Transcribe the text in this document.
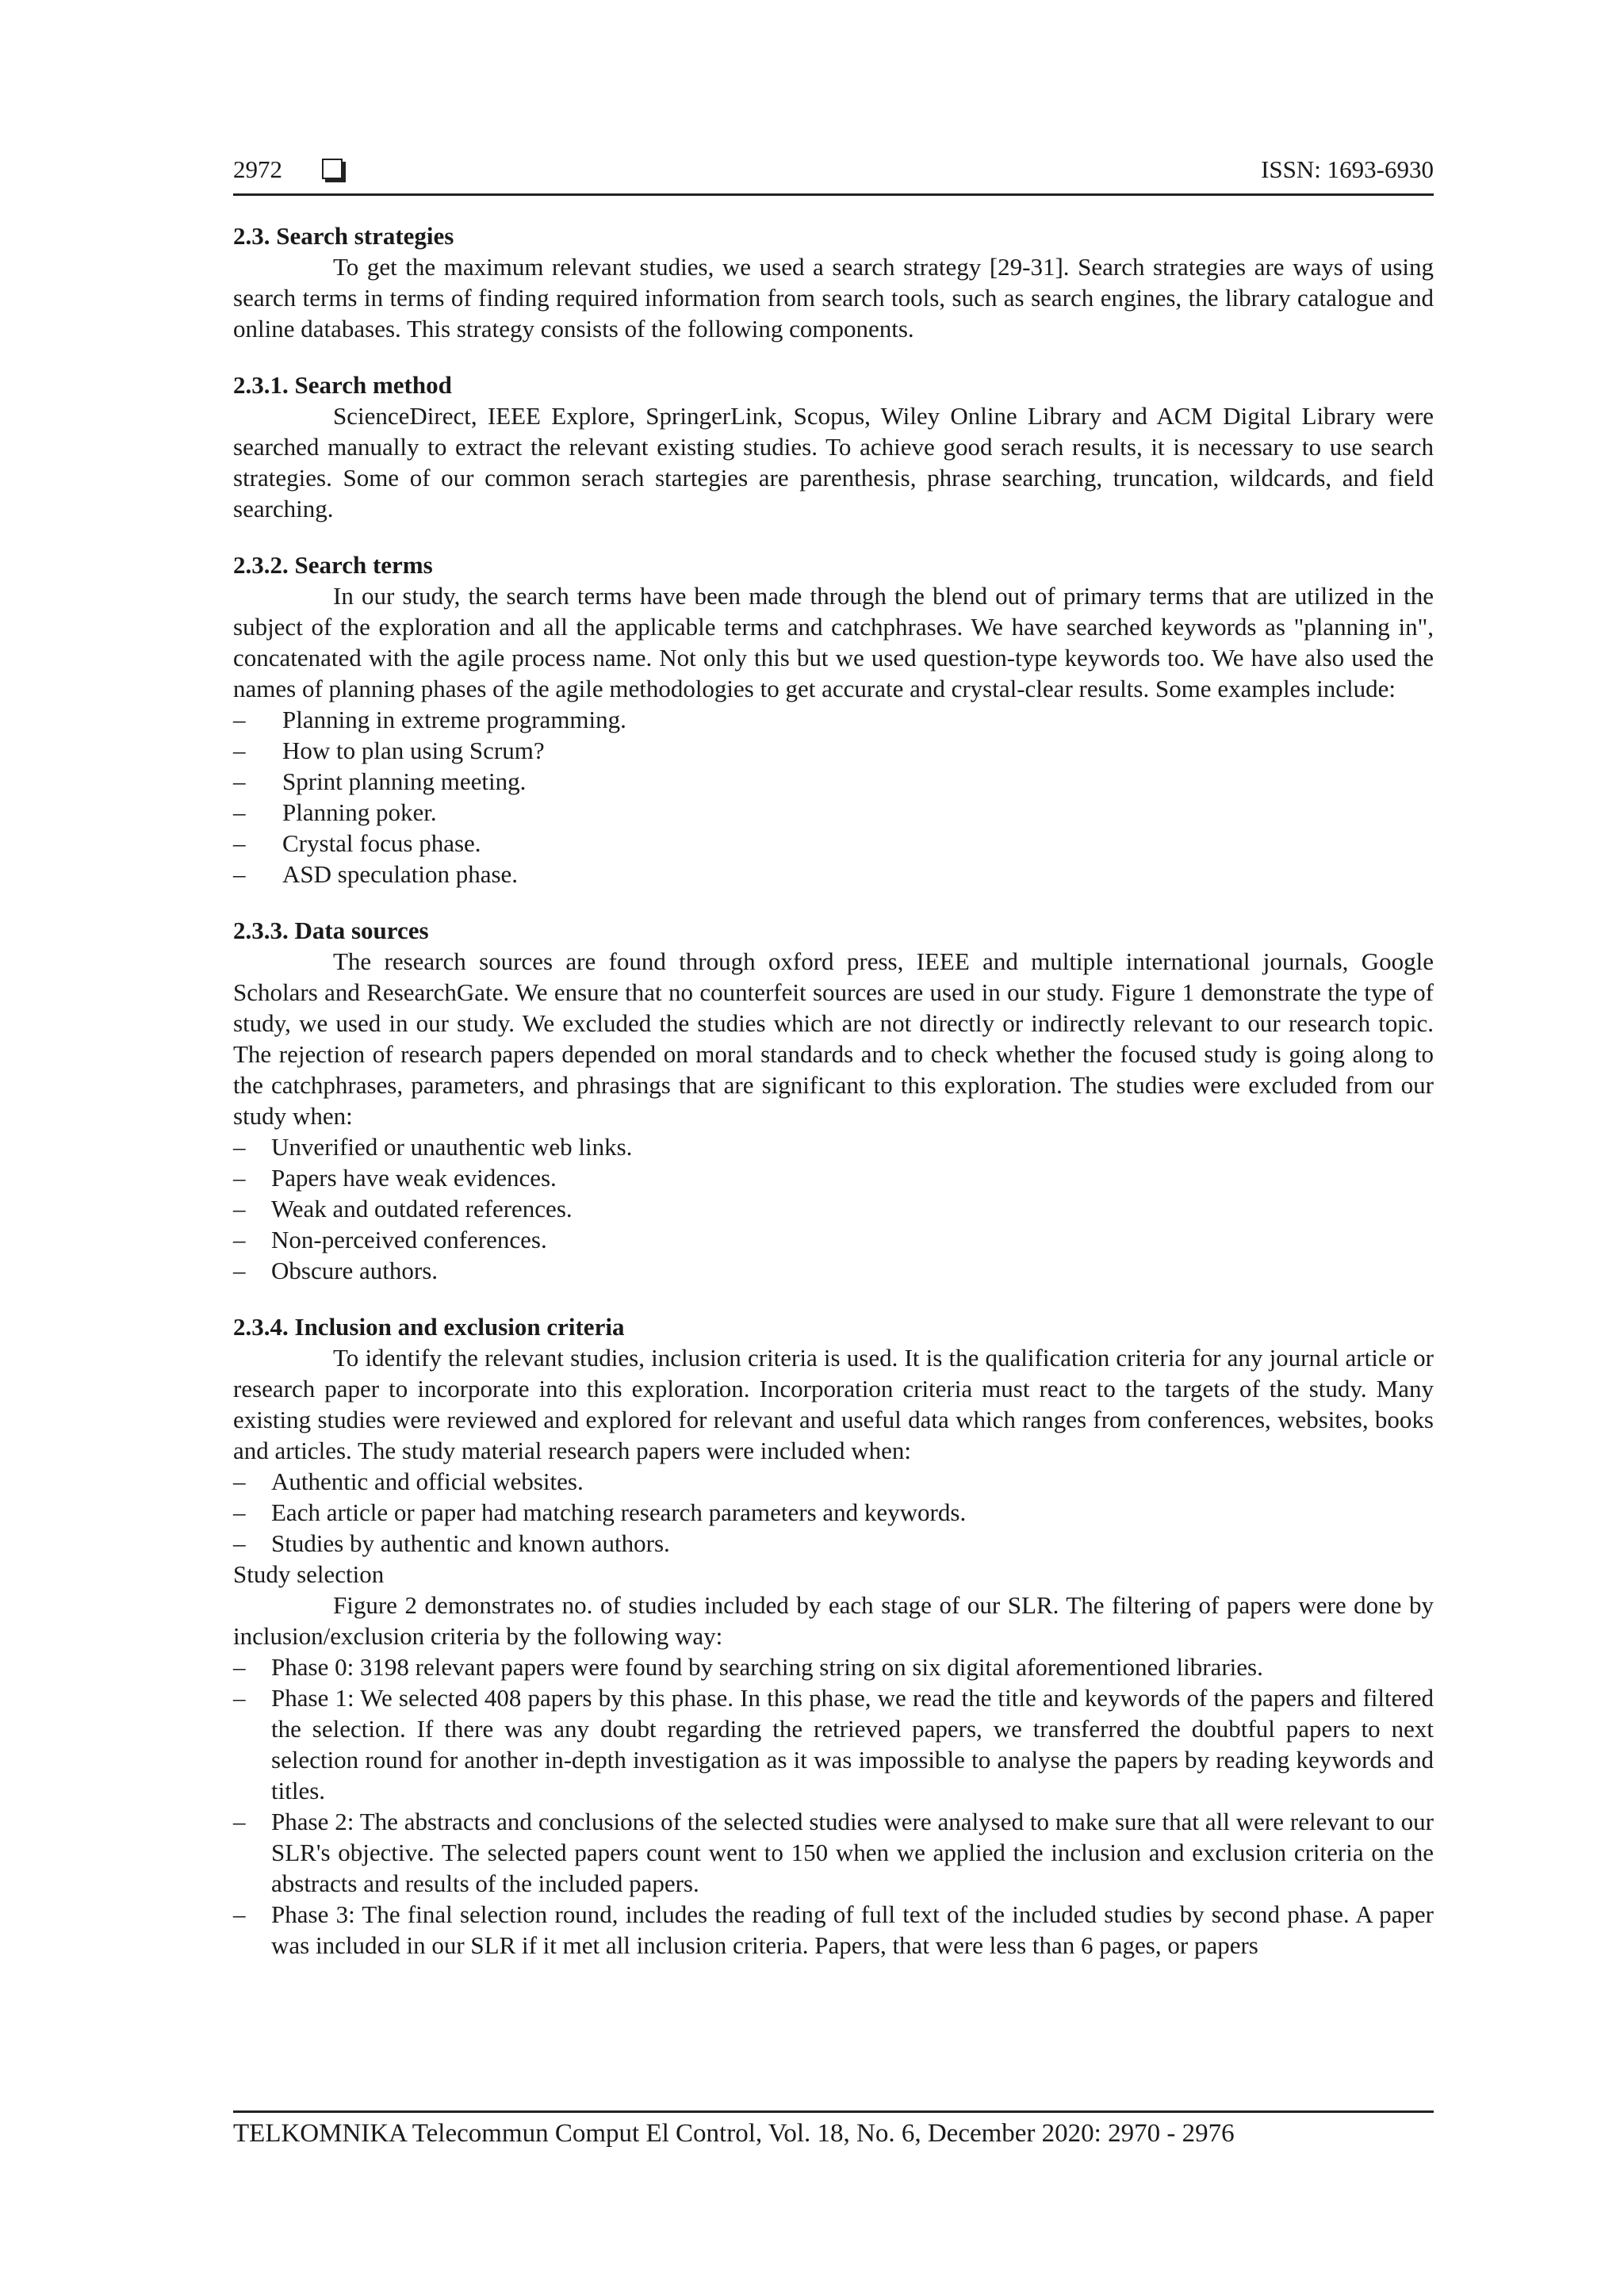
2972	ISSN: 1693-6930

2.3. Search strategies

To get the maximum relevant studies, we used a search strategy [29-31]. Search strategies are ways of using search terms in terms of finding required information from search tools, such as search engines, the library catalogue and online databases. This strategy consists of the following components.

2.3.1. Search method

ScienceDirect, IEEE Explore, SpringerLink, Scopus, Wiley Online Library and ACM Digital Library were searched manually to extract the relevant existing studies. To achieve good serach results, it is necessary to use search strategies. Some of our common serach startegies are parenthesis, phrase searching, truncation, wildcards, and field searching.

2.3.2. Search terms

In our study, the search terms have been made through the blend out of primary terms that are utilized in the subject of the exploration and all the applicable terms and catchphrases. We have searched keywords as "planning in", concatenated with the agile process name. Not only this but we used question-type keywords too. We have also used the names of planning phases of the agile methodologies to get accurate and crystal-clear results. Some examples include:

– Planning in extreme programming.
– How to plan using Scrum?
– Sprint planning meeting.
– Planning poker.
– Crystal focus phase.
– ASD speculation phase.

2.3.3. Data sources

The research sources are found through oxford press, IEEE and multiple international journals, Google Scholars and ResearchGate. We ensure that no counterfeit sources are used in our study. Figure 1 demonstrate the type of study, we used in our study. We excluded the studies which are not directly or indirectly relevant to our research topic. The rejection of research papers depended on moral standards and to check whether the focused study is going along to the catchphrases, parameters, and phrasings that are significant to this exploration. The studies were excluded from our study when:

– Unverified or unauthentic web links.
– Papers have weak evidences.
– Weak and outdated references.
– Non-perceived conferences.
– Obscure authors.

2.3.4. Inclusion and exclusion criteria

To identify the relevant studies, inclusion criteria is used. It is the qualification criteria for any journal article or research paper to incorporate into this exploration. Incorporation criteria must react to the targets of the study. Many existing studies were reviewed and explored for relevant and useful data which ranges from conferences, websites, books and articles. The study material research papers were included when:

– Authentic and official websites.
– Each article or paper had matching research parameters and keywords.
– Studies by authentic and known authors.

Study selection

Figure 2 demonstrates no. of studies included by each stage of our SLR. The filtering of papers were done by inclusion/exclusion criteria by the following way:

– Phase 0: 3198 relevant papers were found by searching string on six digital aforementioned libraries.
– Phase 1: We selected 408 papers by this phase. In this phase, we read the title and keywords of the papers and filtered the selection. If there was any doubt regarding the retrieved papers, we transferred the doubtful papers to next selection round for another in-depth investigation as it was impossible to analyse the papers by reading keywords and titles.
– Phase 2: The abstracts and conclusions of the selected studies were analysed to make sure that all were relevant to our SLR's objective. The selected papers count went to 150 when we applied the inclusion and exclusion criteria on the abstracts and results of the included papers.
– Phase 3: The final selection round, includes the reading of full text of the included studies by second phase. A paper was included in our SLR if it met all inclusion criteria. Papers, that were less than 6 pages, or papers
TELKOMNIKA Telecommun Comput El Control, Vol. 18, No. 6, December 2020: 2970 - 2976
